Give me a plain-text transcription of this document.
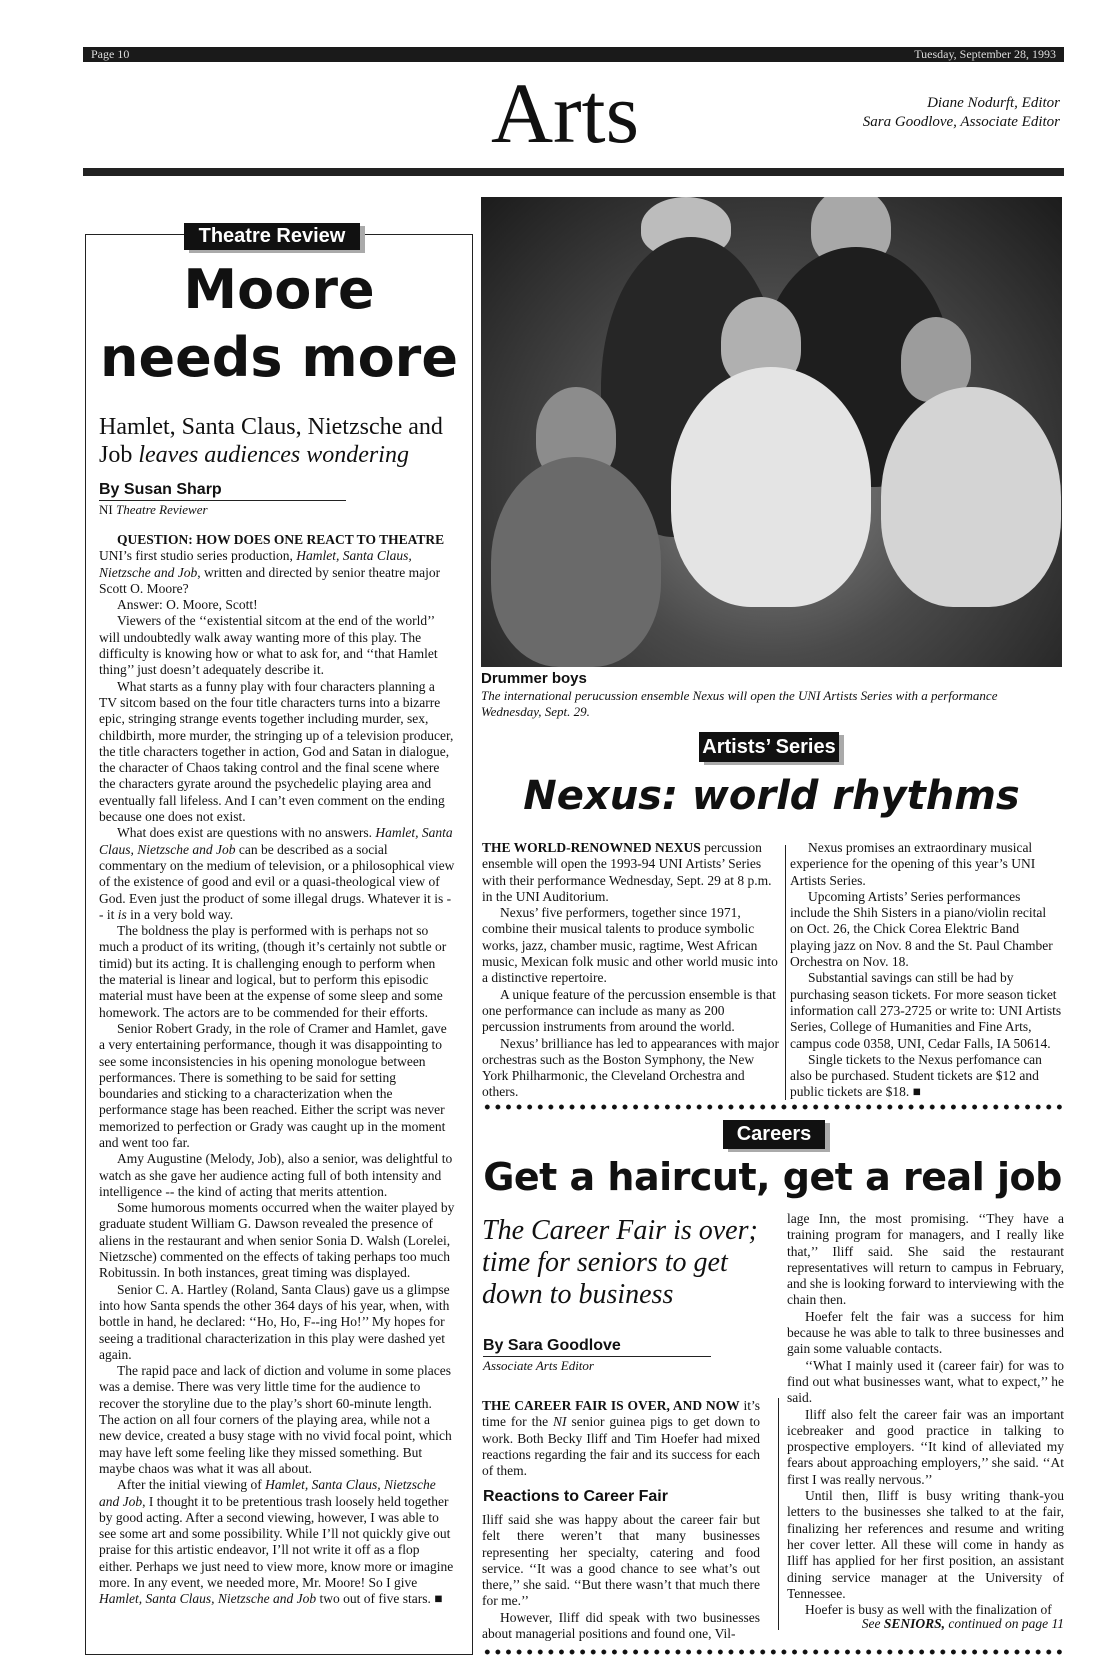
Page 10	Tuesday, September 28, 1993
Arts	Diane Nodurft, Editor
Sara Goodlove, Associate Editor
Theatre Review
Moore
needs more
Hamlet, Santa Claus, Nietzsche and Job leaves audiences wondering
By Susan Sharp
NI Theatre Reviewer

QUESTION: HOW DOES ONE REACT TO THEATRE UNI’s first studio series production, Hamlet, Santa Claus, Nietzsche and Job, written and directed by senior theatre major Scott O. Moore?

Answer: O. Moore, Scott!

Viewers of the ‘‘existential sitcom at the end of the world’’ will undoubtedly walk away wanting more of this play. The difficulty is knowing how or what to ask for, and ‘‘that Hamlet thing’’ just doesn’t adequately describe it.

What starts as a funny play with four characters planning a TV sitcom based on the four title characters turns into a bizarre epic, stringing strange events together including murder, sex, childbirth, more murder, the stringing up of a television producer, the title characters together in action, God and Satan in dialogue, the character of Chaos taking control and the final scene where the characters gyrate around the psychedelic playing area and eventually fall lifeless. And I can’t even comment on the ending because one does not exist.

What does exist are questions with no answers. Hamlet, Santa Claus, Nietzsche and Job can be described as a social commentary on the medium of television, or a philosophical view of the existence of good and evil or a quasi-theological view of God. Even just the product of some illegal drugs. Whatever it is -- it is in a very bold way.

The boldness the play is performed with is perhaps not so much a product of its writing, (though it’s certainly not subtle or timid) but its acting. It is challenging enough to perform when the material is linear and logical, but to perform this episodic material must have been at the expense of some sleep and some homework. The actors are to be commended for their efforts.

Senior Robert Grady, in the role of Cramer and Hamlet, gave a very entertaining performance, though it was disappointing to see some inconsistencies in his opening monologue between performances. There is something to be said for setting boundaries and sticking to a characterization when the performance stage has been reached. Either the script was never memorized to perfection or Grady was caught up in the moment and went too far.

Amy Augustine (Melody, Job), also a senior, was delightful to watch as she gave her audience acting full of both intensity and intelligence -- the kind of acting that merits attention.

Some humorous moments occurred when the waiter played by graduate student William G. Dawson revealed the presence of aliens in the restaurant and when senior Sonia D. Walsh (Lorelei, Nietzsche) commented on the effects of taking perhaps too much Robitussin. In both instances, great timing was displayed.

Senior C. A. Hartley (Roland, Santa Claus) gave us a glimpse into how Santa spends the other 364 days of his year, when, with bottle in hand, he declared: ‘‘Ho, Ho, F--ing Ho!’’ My hopes for seeing a traditional characterization in this play were dashed yet again.

The rapid pace and lack of diction and volume in some places was a demise. There was very little time for the audience to recover the storyline due to the play’s short 60-minute length. The action on all four corners of the playing area, while not a new device, created a busy stage with no vivid focal point, which may have left some feeling like they missed something. But maybe chaos was what it was all about.

After the initial viewing of Hamlet, Santa Claus, Nietzsche and Job, I thought it to be pretentious trash loosely held together by good acting. After a second viewing, however, I was able to see some art and some possibility. While I’ll not quickly give out praise for this artistic endeavor, I’ll not write it off as a flop either. Perhaps we just need to view more, know more or imagine more. In any event, we needed more, Mr. Moore! So I give Hamlet, Santa Claus, Nietzsche and Job two out of five stars. ■

Drummer boys
The international perucussion ensemble Nexus will open the UNI Artists Series with a performance Wednesday, Sept. 29.
Artists’ Series
Nexus: world rhythms

THE WORLD-RENOWNED NEXUS percussion ensemble will open the 1993-94 UNI Artists’ Series with their performance Wednesday, Sept. 29 at 8 p.m. in the UNI Auditorium.

Nexus’ five performers, together since 1971, combine their musical talents to produce symbolic works, jazz, chamber music, ragtime, West African music, Mexican folk music and other world music into a distinctive repertoire.

A unique feature of the percussion ensemble is that one performance can include as many as 200 percussion instruments from around the world.

Nexus’ brilliance has led to appearances with major orchestras such as the Boston Symphony, the New York Philharmonic, the Cleveland Orchestra and others.

Nexus promises an extraordinary musical experience for the opening of this year’s UNI Artists Series.

Upcoming Artists’ Series performances include the Shih Sisters in a piano/violin recital on Oct. 26, the Chick Corea Elektric Band playing jazz on Nov. 8 and the St. Paul Chamber Orchestra on Nov. 18.

Substantial savings can still be had by purchasing season tickets. For more season ticket information call 273-2725 or write to: UNI Artists Series, College of Humanities and Fine Arts, campus code 0358, UNI, Cedar Falls, IA 50614.

Single tickets to the Nexus perfomance can also be purchased. Student tickets are $12 and public tickets are $18. ■

Careers
Get a haircut, get a real job
The Career Fair is over; time for seniors to get down to business
By Sara Goodlove
Associate Arts Editor

THE CAREER FAIR IS OVER, AND NOW it’s time for the NI senior guinea pigs to get down to work. Both Becky Iliff and Tim Hoefer had mixed reactions regarding the fair and its success for each of them.

Reactions to Career Fair

Iliff said she was happy about the career fair but felt there weren’t that many businesses representing her specialty, catering and food service. ‘‘It was a good chance to see what’s out there,’’ she said. ‘‘But there wasn’t that much there for me.’’

However, Iliff did speak with two businesses about managerial positions and found one, Vil-

lage Inn, the most promising. ‘‘They have a training program for managers, and I really like that,’’ Iliff said. She said the restaurant representatives will return to campus in February, and she is looking forward to interviewing with the chain then.

Hoefer felt the fair was a success for him because he was able to talk to three businesses and gain some valuable contacts.

‘‘What I mainly used it (career fair) for was to find out what businesses want, what to expect,’’ he said.

Iliff also felt the career fair was an important icebreaker and good practice in talking to prospective employers. ‘‘It kind of alleviated my fears about approaching employers,’’ she said. ‘‘At first I was really nervous.’’

Until then, Iliff is busy writing thank-you letters to the businesses she talked to at the fair, finalizing her references and resume and writing her cover letter. All these will come in handy as Iliff has applied for her first position, an assistant dining service manager at the University of Tennessee.

Hoefer is busy as well with the finalization of

See SENIORS, continued on page 11
